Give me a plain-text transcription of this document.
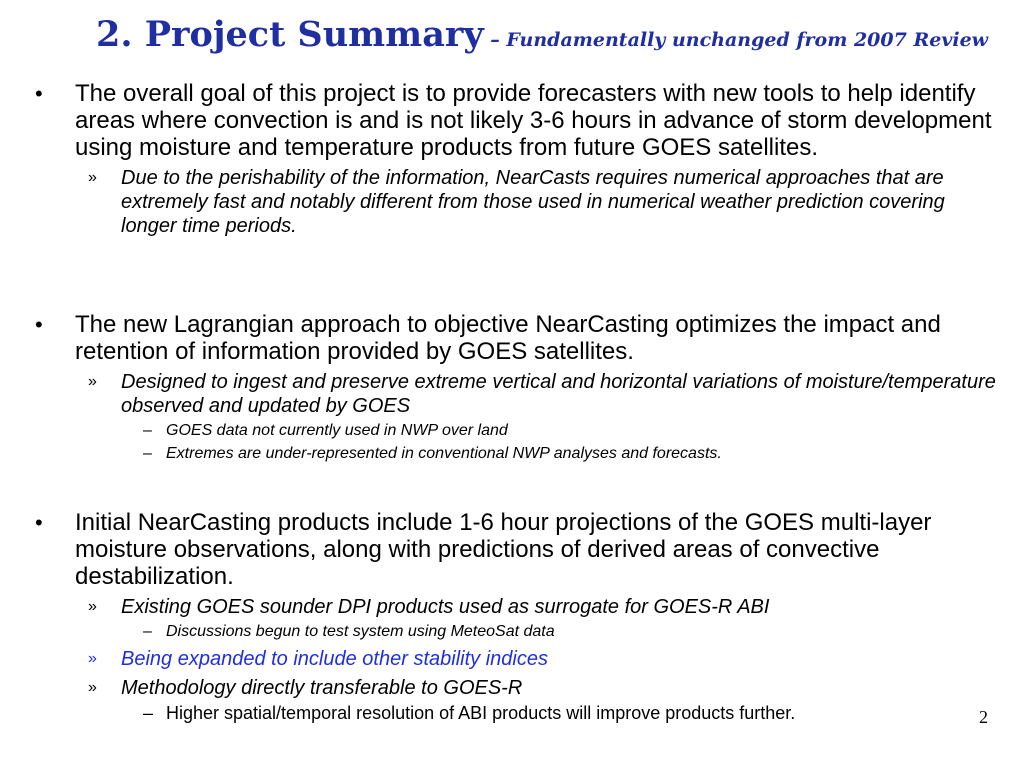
2. Project Summary – Fundamentally unchanged from 2007 Review
• The overall goal of this project is to provide forecasters with new tools to help identify areas where convection is and is not likely 3-6 hours in advance of storm development using moisture and temperature products from future GOES satellites.
» Due to the perishability of the information, NearCasts requires numerical approaches that are extremely fast and notably different from those used in numerical weather prediction covering longer time periods.
• The new Lagrangian approach to objective NearCasting optimizes the impact and retention of information provided by GOES satellites.
» Designed to ingest and preserve extreme vertical and horizontal variations of moisture/temperature observed and updated by GOES
– GOES data not currently used in NWP over land
– Extremes are under-represented in conventional NWP analyses and forecasts.
• Initial NearCasting products include 1-6 hour projections of the GOES multi-layer moisture observations, along with predictions of derived areas of convective destabilization.
» Existing GOES sounder DPI products used as surrogate for GOES-R ABI
– Discussions begun to test system using MeteoSat data
» Being expanded to include other stability indices
» Methodology directly transferable to GOES-R
– Higher spatial/temporal resolution of ABI products will improve products further.	2
